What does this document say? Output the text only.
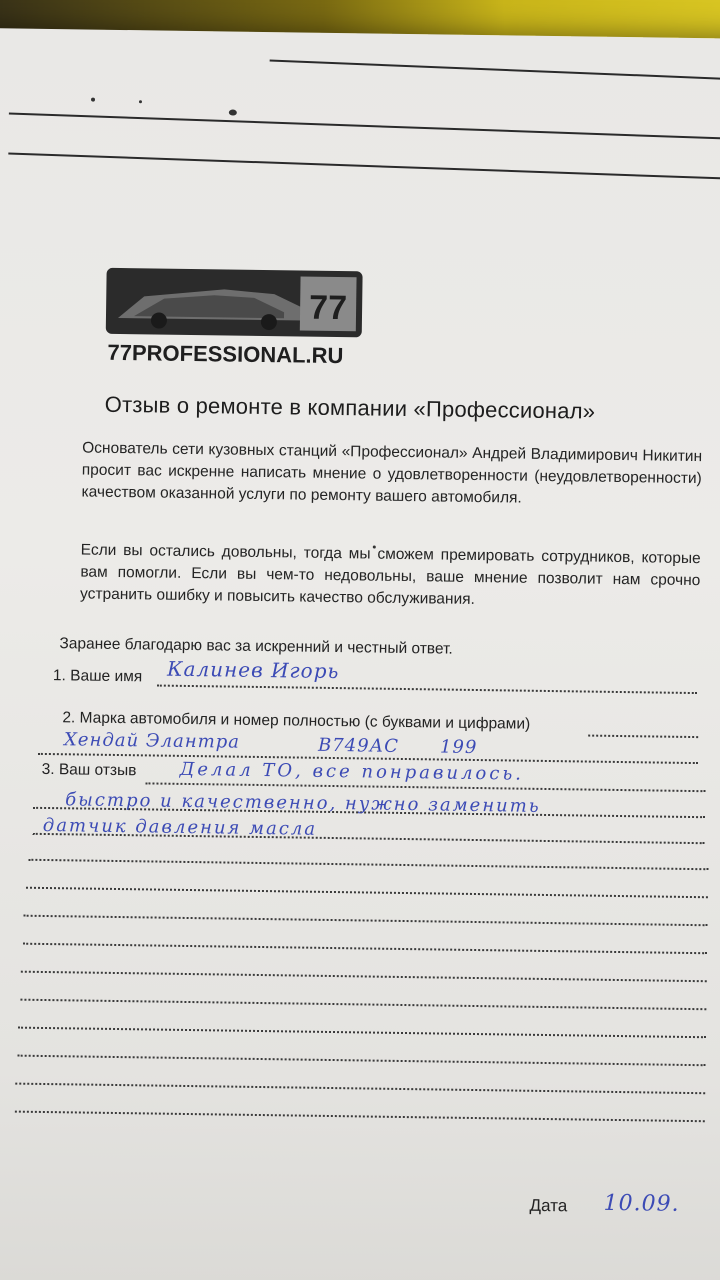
77
77PROFESSIONAL.RU
Отзыв о ремонте в компании «Профессионал»
Основатель сети кузовных станций «Профессионал» Андрей Владимирович Никитин просит вас искренне написать мнение о удовлетворенности (неудовлетворенности) качеством оказанной услуги по ремонту вашего автомобиля.
Если вы остались довольны, тогда мы сможем премировать сотрудников, которые вам помогли. Если вы чем-то недовольны, ваше мнение позволит нам срочно устранить ошибку и повысить качество обслуживания.
Заранее благодарю вас за искренний и честный ответ.
1. Ваше имя Калинев Игорь
2. Марка автомобиля и номер полностью (с буквами и цифрами)
Хендай Элантра	В749АС 199
3. Ваш отзыв Делал ТО, все понравилось.
быстро и качественно, нужно заменить
датчик давления масла
Дата 10.09.
